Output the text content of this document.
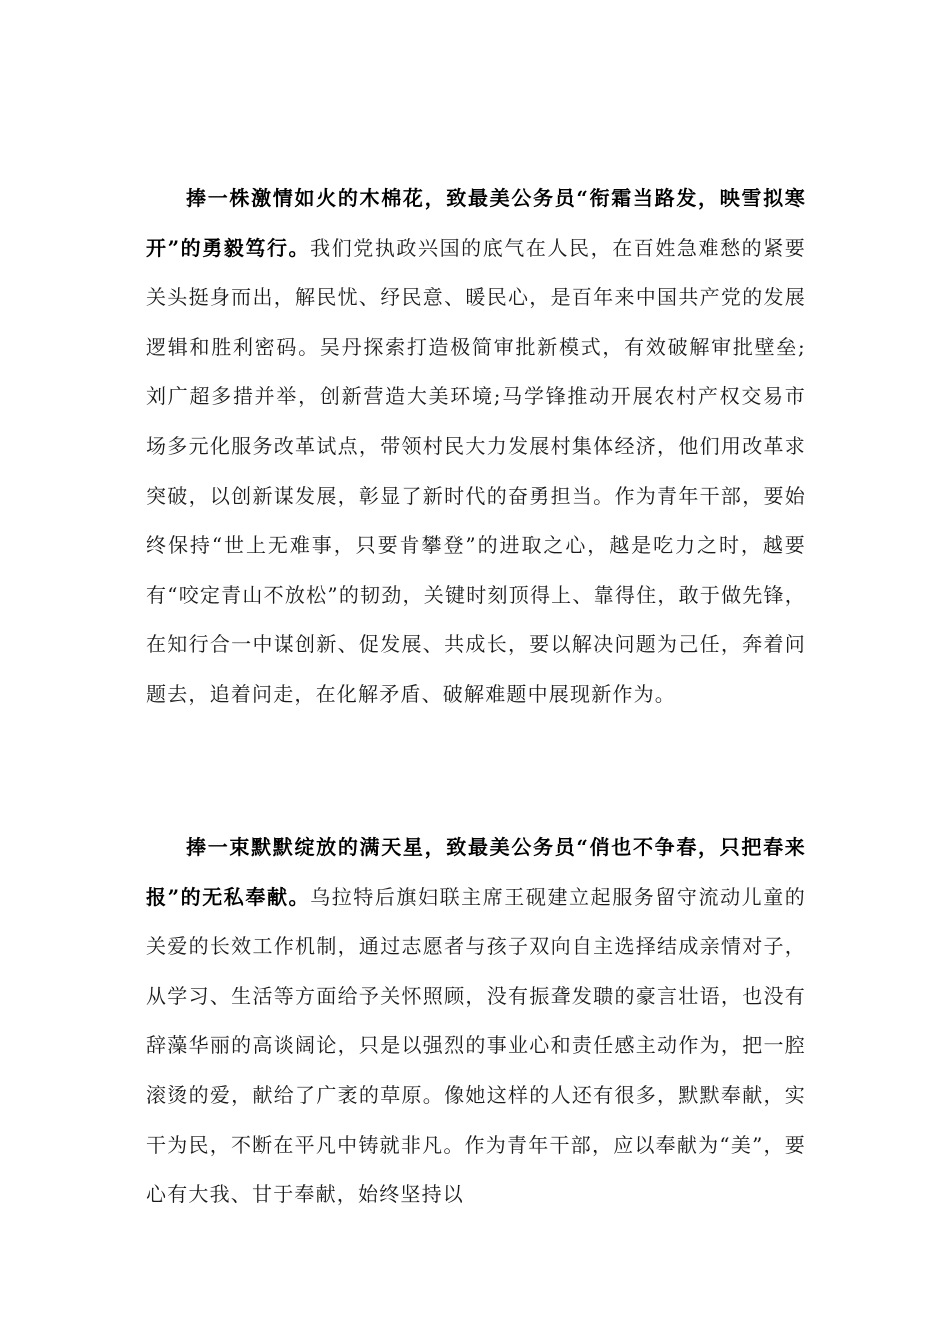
捧一株激情如火的木棉花，致最美公务员“衔霜当路发，映雪拟寒开”的勇毅笃行。我们党执政兴国的底气在人民，在百姓急难愁的紧要关头挺身而出，解民忧、纾民意、暖民心，是百年来中国共产党的发展逻辑和胜利密码。吴丹探索打造极简审批新模式，有效破解审批壁垒;刘广超多措并举，创新营造大美环境;马学锋推动开展农村产权交易市场多元化服务改革试点，带领村民大力发展村集体经济，他们用改革求突破，以创新谋发展，彰显了新时代的奋勇担当。作为青年干部，要始终保持“世上无难事，只要肯攀登”的进取之心，越是吃力之时，越要有“咬定青山不放松”的韧劲，关键时刻顶得上、靠得住，敢于做先锋，在知行合一中谋创新、促发展、共成长，要以解决问题为己任，奔着问题去，追着问走，在化解矛盾、破解难题中展现新作为。

捧一束默默绽放的满天星，致最美公务员“俏也不争春，只把春来报”的无私奉献。乌拉特后旗妇联主席王砚建立起服务留守流动儿童的关爱的长效工作机制，通过志愿者与孩子双向自主选择结成亲情对子，从学习、生活等方面给予关怀照顾，没有振聋发聩的豪言壮语，也没有辞藻华丽的高谈阔论，只是以强烈的事业心和责任感主动作为，把一腔滚烫的爱，献给了广袤的草原。像她这样的人还有很多，默默奉献，实干为民，不断在平凡中铸就非凡。作为青年干部，应以奉献为“美”，要心有大我、甘于奉献，始终坚持以
